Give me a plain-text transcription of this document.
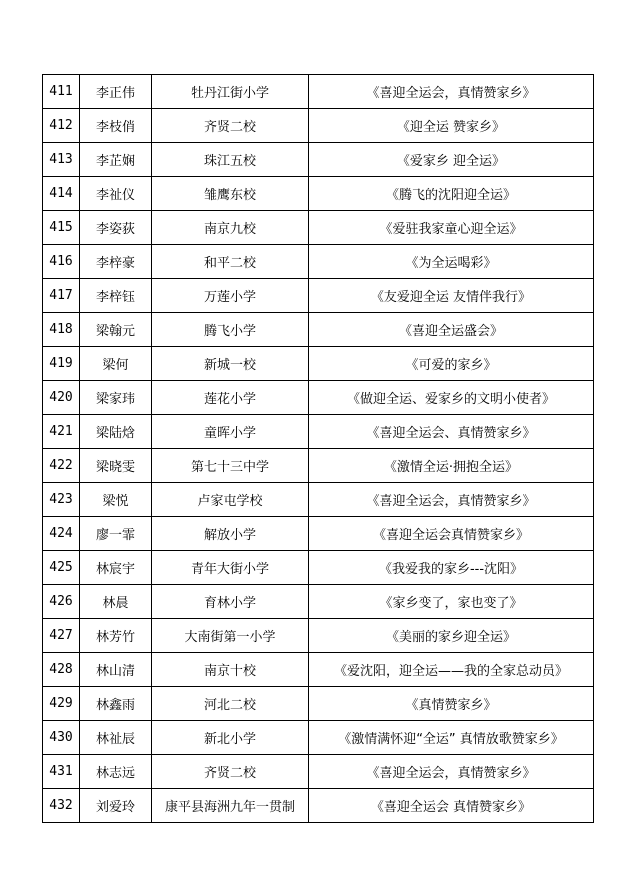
411	李正伟	牡丹江街小学	《喜迎全运会，真情赞家乡》
412	李枝俏	齐贤二校	《迎全运 赞家乡》
413	李芷娴	珠江五校	《爱家乡 迎全运》
414	李祉仪	雏鹰东校	《腾飞的沈阳迎全运》
415	李姿荻	南京九校	《爱驻我家童心迎全运》
416	李梓豪	和平二校	《为全运喝彩》
417	李梓钰	万莲小学	《友爱迎全运 友情伴我行》
418	梁翰元	腾飞小学	《喜迎全运盛会》
419	梁何	新城一校	《可爱的家乡》
420	梁家玮	莲花小学	《做迎全运、爱家乡的文明小使者》
421	梁陆焓	童晖小学	《喜迎全运会、真情赞家乡》
422	梁晓雯	第七十三中学	《激情全运·拥抱全运》
423	梁悦	卢家屯学校	《喜迎全运会，真情赞家乡》
424	廖一霏	解放小学	《喜迎全运会真情赞家乡》
425	林宸宇	青年大街小学	《我爱我的家乡---沈阳》
426	林晨	育林小学	《家乡变了，家也变了》
427	林芳竹	大南街第一小学	《美丽的家乡迎全运》
428	林山清	南京十校	《爱沈阳，迎全运——我的全家总动员》
429	林鑫雨	河北二校	《真情赞家乡》
430	林祉辰	新北小学	《激情满怀迎“全运” 真情放歌赞家乡》
431	林志远	齐贤二校	《喜迎全运会，真情赞家乡》
432	刘爱玲	康平县海洲九年一贯制	《喜迎全运会 真情赞家乡》
